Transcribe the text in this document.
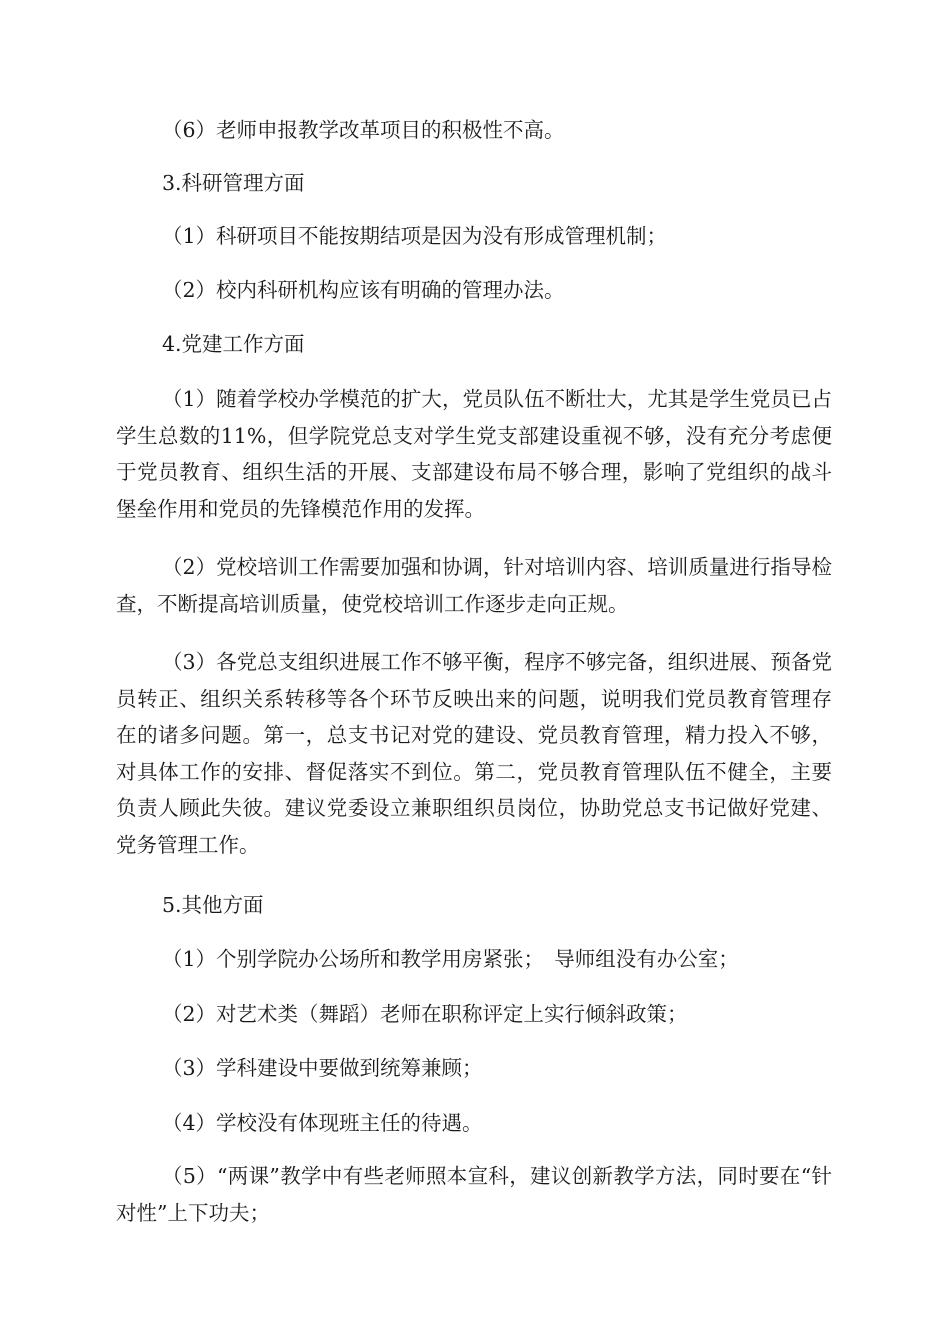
（6）老师申报教学改革项目的积极性不高。

3.科研管理方面

（1）科研项目不能按期结项是因为没有形成管理机制；

（2）校内科研机构应该有明确的管理办法。

4.党建工作方面

（1）随着学校办学模范的扩大，党员队伍不断壮大，尤其是学生党员已占学生总数的11%，但学院党总支对学生党支部建设重视不够，没有充分考虑便于党员教育、组织生活的开展、支部建设布局不够合理，影响了党组织的战斗堡垒作用和党员的先锋模范作用的发挥。

（2）党校培训工作需要加强和协调，针对培训内容、培训质量进行指导检查，不断提高培训质量，使党校培训工作逐步走向正规。

（3）各党总支组织进展工作不够平衡，程序不够完备，组织进展、预备党员转正、组织关系转移等各个环节反映出来的问题，说明我们党员教育管理存在的诸多问题。第一，总支书记对党的建设、党员教育管理，精力投入不够，对具体工作的安排、督促落实不到位。第二，党员教育管理队伍不健全，主要负责人顾此失彼。建议党委设立兼职组织员岗位，协助党总支书记做好党建、党务管理工作。

5.其他方面

（1）个别学院办公场所和教学用房紧张；　导师组没有办公室；

（2）对艺术类（舞蹈）老师在职称评定上实行倾斜政策；

（3）学科建设中要做到统筹兼顾；

（4）学校没有体现班主任的待遇。

（5）“两课”教学中有些老师照本宣科，建议创新教学方法，同时要在“针对性”上下功夫；
